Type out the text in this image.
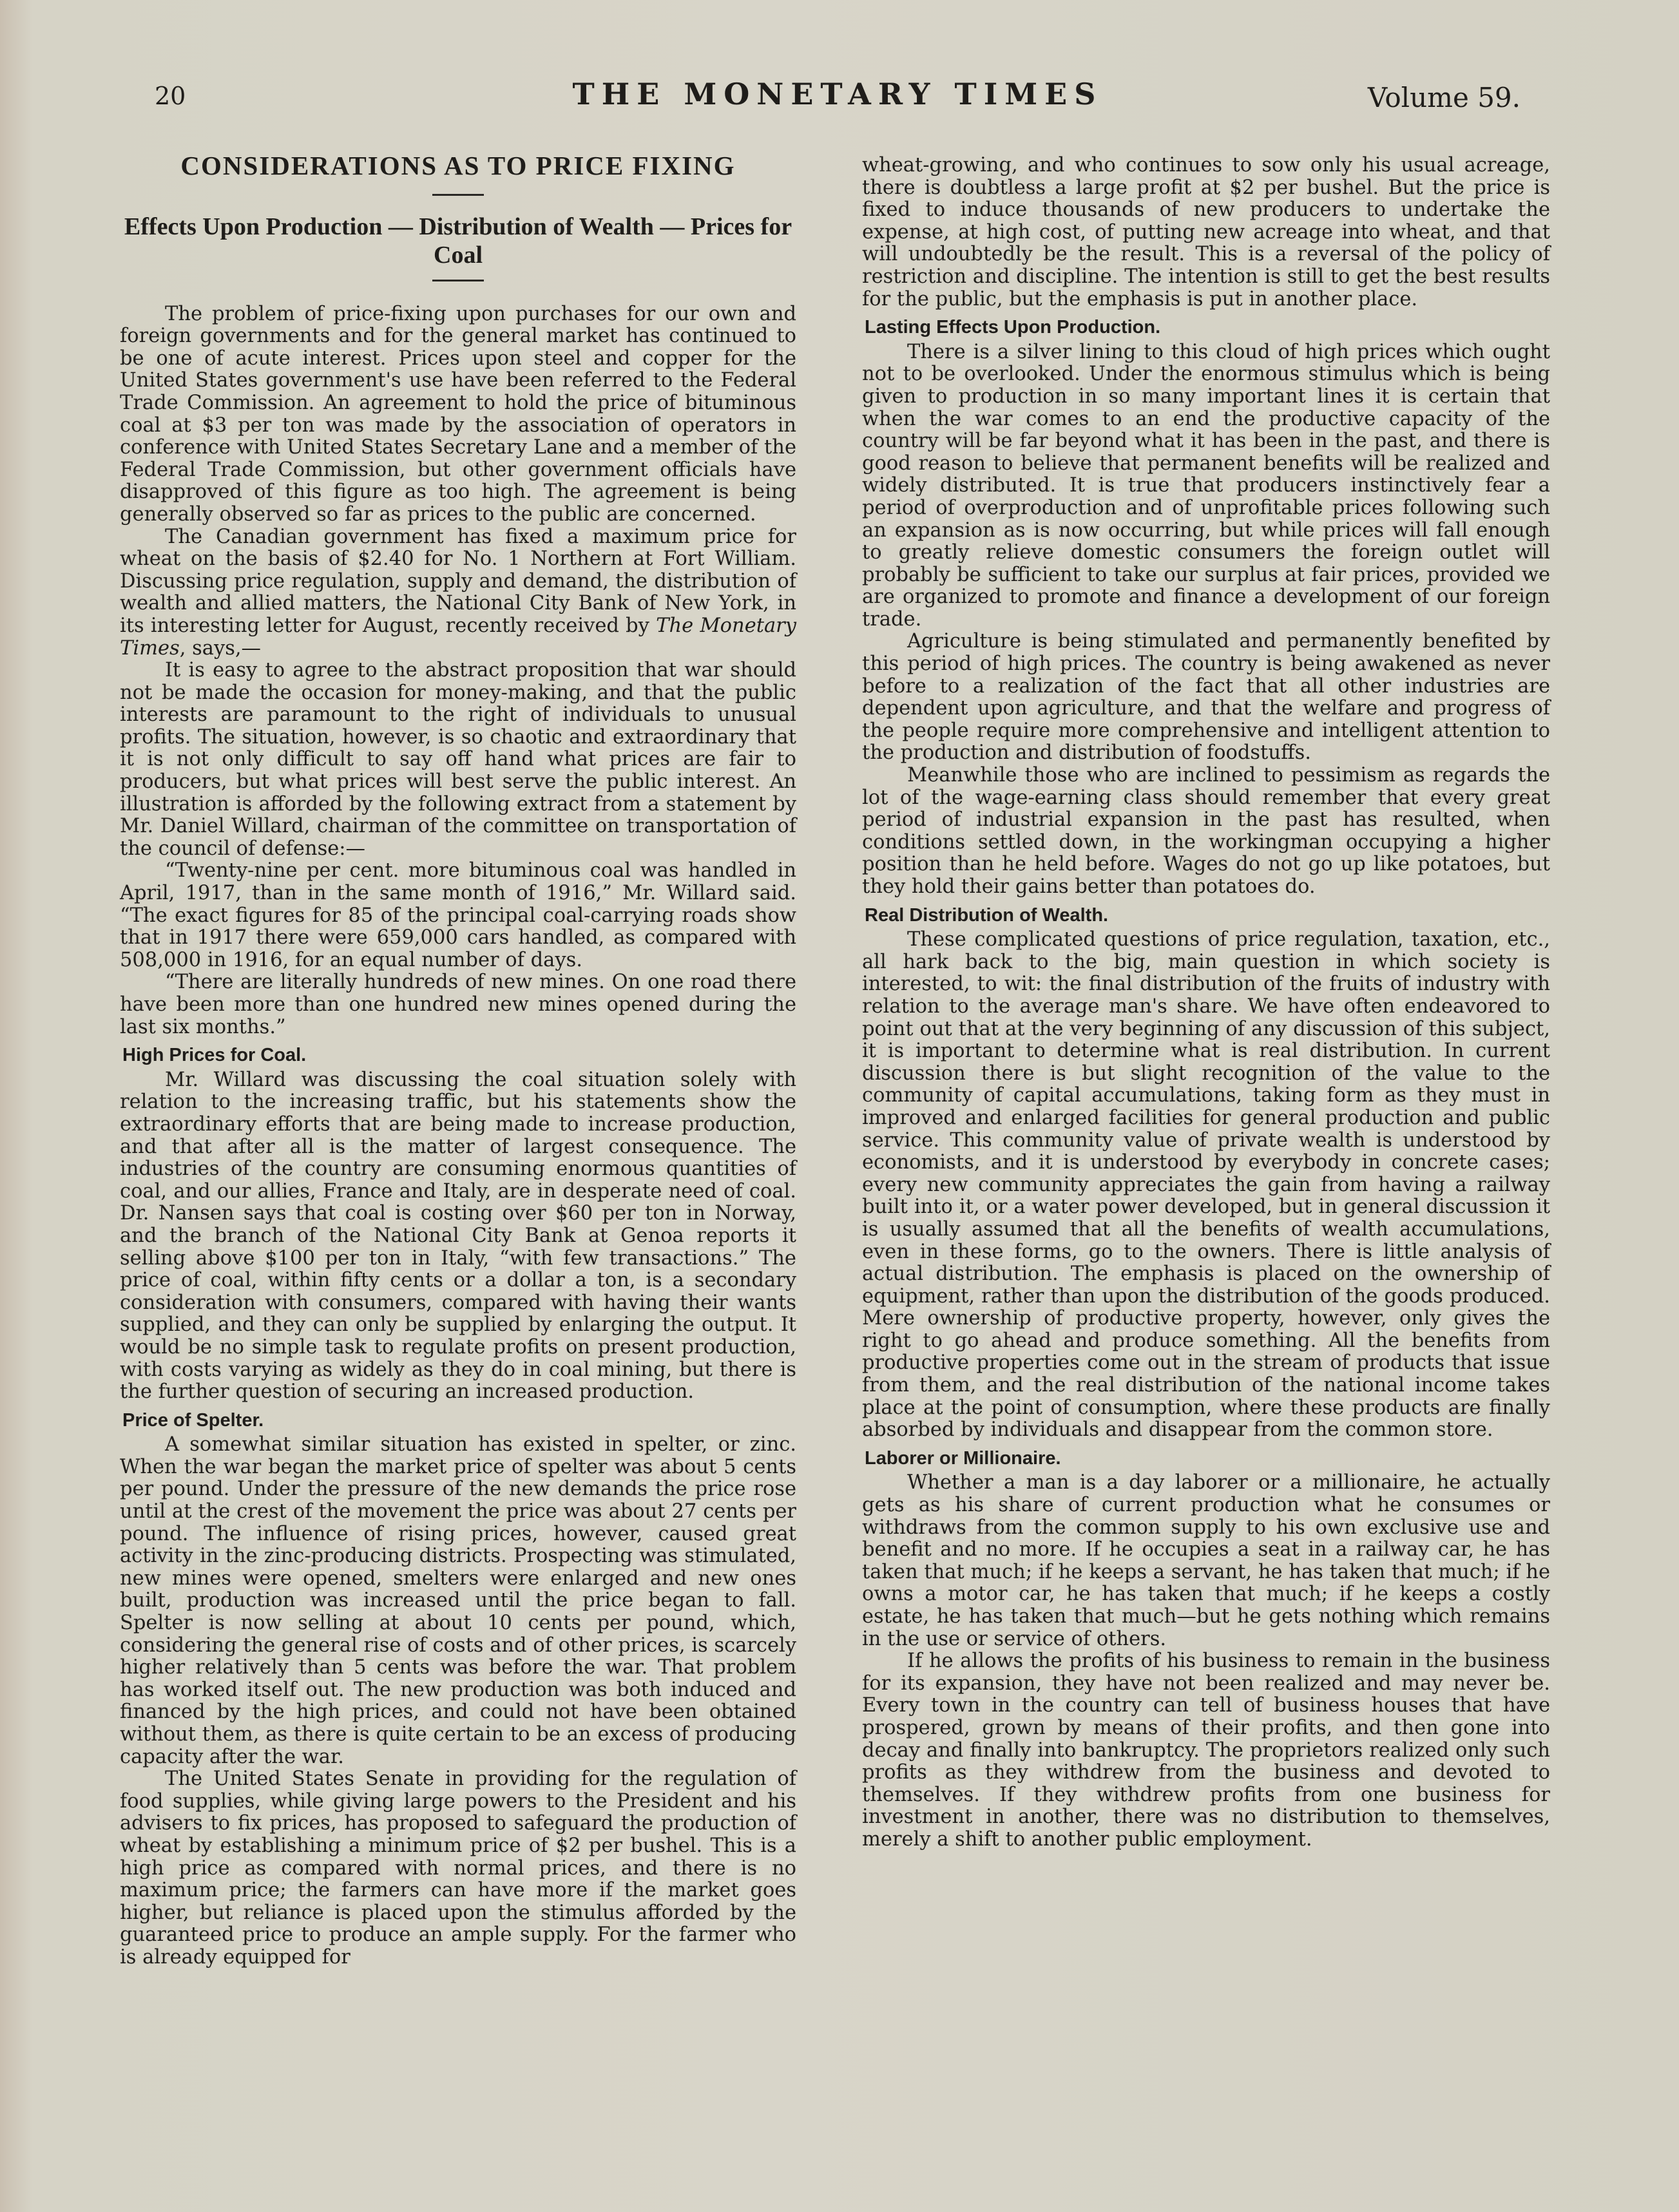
20	THE MONETARY TIMES	Volume 59.
CONSIDERATIONS AS TO PRICE FIXING
Effects Upon Production — Distribution of Wealth — Prices for Coal

The problem of price-fixing upon purchases for our own and foreign governments and for the general market has continued to be one of acute interest. Prices upon steel and copper for the United States government's use have been referred to the Federal Trade Commission. An agreement to hold the price of bituminous coal at $3 per ton was made by the association of operators in conference with United States Secretary Lane and a member of the Federal Trade Commission, but other government officials have disapproved of this figure as too high. The agreement is being generally observed so far as prices to the public are concerned.

The Canadian government has fixed a maximum price for wheat on the basis of $2.40 for No. 1 Northern at Fort William. Discussing price regulation, supply and demand, the distribution of wealth and allied matters, the National City Bank of New York, in its interesting letter for August, recently received by The Monetary Times, says,—

It is easy to agree to the abstract proposition that war should not be made the occasion for money-making, and that the public interests are paramount to the right of individuals to unusual profits. The situation, however, is so chaotic and extraordinary that it is not only difficult to say off hand what prices are fair to producers, but what prices will best serve the public interest. An illustration is afforded by the following extract from a statement by Mr. Daniel Willard, chairman of the committee on transportation of the council of defense:—

“Twenty-nine per cent. more bituminous coal was handled in April, 1917, than in the same month of 1916,” Mr. Willard said. “The exact figures for 85 of the principal coal-carrying roads show that in 1917 there were 659,000 cars handled, as compared with 508,000 in 1916, for an equal number of days.

“There are literally hundreds of new mines. On one road there have been more than one hundred new mines opened during the last six months.”

High Prices for Coal.

Mr. Willard was discussing the coal situation solely with relation to the increasing traffic, but his statements show the extraordinary efforts that are being made to increase production, and that after all is the matter of largest consequence. The industries of the country are consuming enormous quantities of coal, and our allies, France and Italy, are in desperate need of coal. Dr. Nansen says that coal is costing over $60 per ton in Norway, and the branch of the National City Bank at Genoa reports it selling above $100 per ton in Italy, “with few transactions.” The price of coal, within fifty cents or a dollar a ton, is a secondary consideration with consumers, compared with having their wants supplied, and they can only be supplied by enlarging the output. It would be no simple task to regulate profits on present production, with costs varying as widely as they do in coal mining, but there is the further question of securing an increased production.

Price of Spelter.

A somewhat similar situation has existed in spelter, or zinc. When the war began the market price of spelter was about 5 cents per pound. Under the pressure of the new demands the price rose until at the crest of the movement the price was about 27 cents per pound. The influence of rising prices, however, caused great activity in the zinc-producing districts. Prospecting was stimulated, new mines were opened, smelters were enlarged and new ones built, production was increased until the price began to fall. Spelter is now selling at about 10 cents per pound, which, considering the general rise of costs and of other prices, is scarcely higher relatively than 5 cents was before the war. That problem has worked itself out. The new production was both induced and financed by the high prices, and could not have been obtained without them, as there is quite certain to be an excess of producing capacity after the war.

The United States Senate in providing for the regulation of food supplies, while giving large powers to the President and his advisers to fix prices, has proposed to safeguard the production of wheat by establishing a minimum price of $2 per bushel. This is a high price as compared with normal prices, and there is no maximum price; the farmers can have more if the market goes higher, but reliance is placed upon the stimulus afforded by the guaranteed price to produce an ample supply. For the farmer who is already equipped for

wheat-growing, and who continues to sow only his usual acreage, there is doubtless a large profit at $2 per bushel. But the price is fixed to induce thousands of new producers to undertake the expense, at high cost, of putting new acreage into wheat, and that will undoubtedly be the result. This is a reversal of the policy of restriction and discipline. The intention is still to get the best results for the public, but the emphasis is put in another place.

Lasting Effects Upon Production.

There is a silver lining to this cloud of high prices which ought not to be overlooked. Under the enormous stimulus which is being given to production in so many important lines it is certain that when the war comes to an end the productive capacity of the country will be far beyond what it has been in the past, and there is good reason to believe that permanent benefits will be realized and widely distributed. It is true that producers instinctively fear a period of overproduction and of unprofitable prices following such an expansion as is now occurring, but while prices will fall enough to greatly relieve domestic consumers the foreign outlet will probably be sufficient to take our surplus at fair prices, provided we are organized to promote and finance a development of our foreign trade.

Agriculture is being stimulated and permanently benefited by this period of high prices. The country is being awakened as never before to a realization of the fact that all other industries are dependent upon agriculture, and that the welfare and progress of the people require more comprehensive and intelligent attention to the production and distribution of foodstuffs.

Meanwhile those who are inclined to pessimism as regards the lot of the wage-earning class should remember that every great period of industrial expansion in the past has resulted, when conditions settled down, in the workingman occupying a higher position than he held before. Wages do not go up like potatoes, but they hold their gains better than potatoes do.

Real Distribution of Wealth.

These complicated questions of price regulation, taxation, etc., all hark back to the big, main question in which society is interested, to wit: the final distribution of the fruits of industry with relation to the average man's share. We have often endeavored to point out that at the very beginning of any discussion of this subject, it is important to determine what is real distribution. In current discussion there is but slight recognition of the value to the community of capital accumulations, taking form as they must in improved and enlarged facilities for general production and public service. This community value of private wealth is understood by economists, and it is understood by everybody in concrete cases; every new community appreciates the gain from having a railway built into it, or a water power developed, but in general discussion it is usually assumed that all the benefits of wealth accumulations, even in these forms, go to the owners. There is little analysis of actual distribution. The emphasis is placed on the ownership of equipment, rather than upon the distribution of the goods produced. Mere ownership of productive property, however, only gives the right to go ahead and produce something. All the benefits from productive properties come out in the stream of products that issue from them, and the real distribution of the national income takes place at the point of consumption, where these products are finally absorbed by individuals and disappear from the common store.

Laborer or Millionaire.

Whether a man is a day laborer or a millionaire, he actually gets as his share of current production what he consumes or withdraws from the common supply to his own exclusive use and benefit and no more. If he occupies a seat in a railway car, he has taken that much; if he keeps a servant, he has taken that much; if he owns a motor car, he has taken that much; if he keeps a costly estate, he has taken that much—but he gets nothing which remains in the use or service of others.

If he allows the profits of his business to remain in the business for its expansion, they have not been realized and may never be. Every town in the country can tell of business houses that have prospered, grown by means of their profits, and then gone into decay and finally into bankruptcy. The proprietors realized only such profits as they withdrew from the business and devoted to themselves. If they withdrew profits from one business for investment in another, there was no distribution to themselves, merely a shift to another public employment.
